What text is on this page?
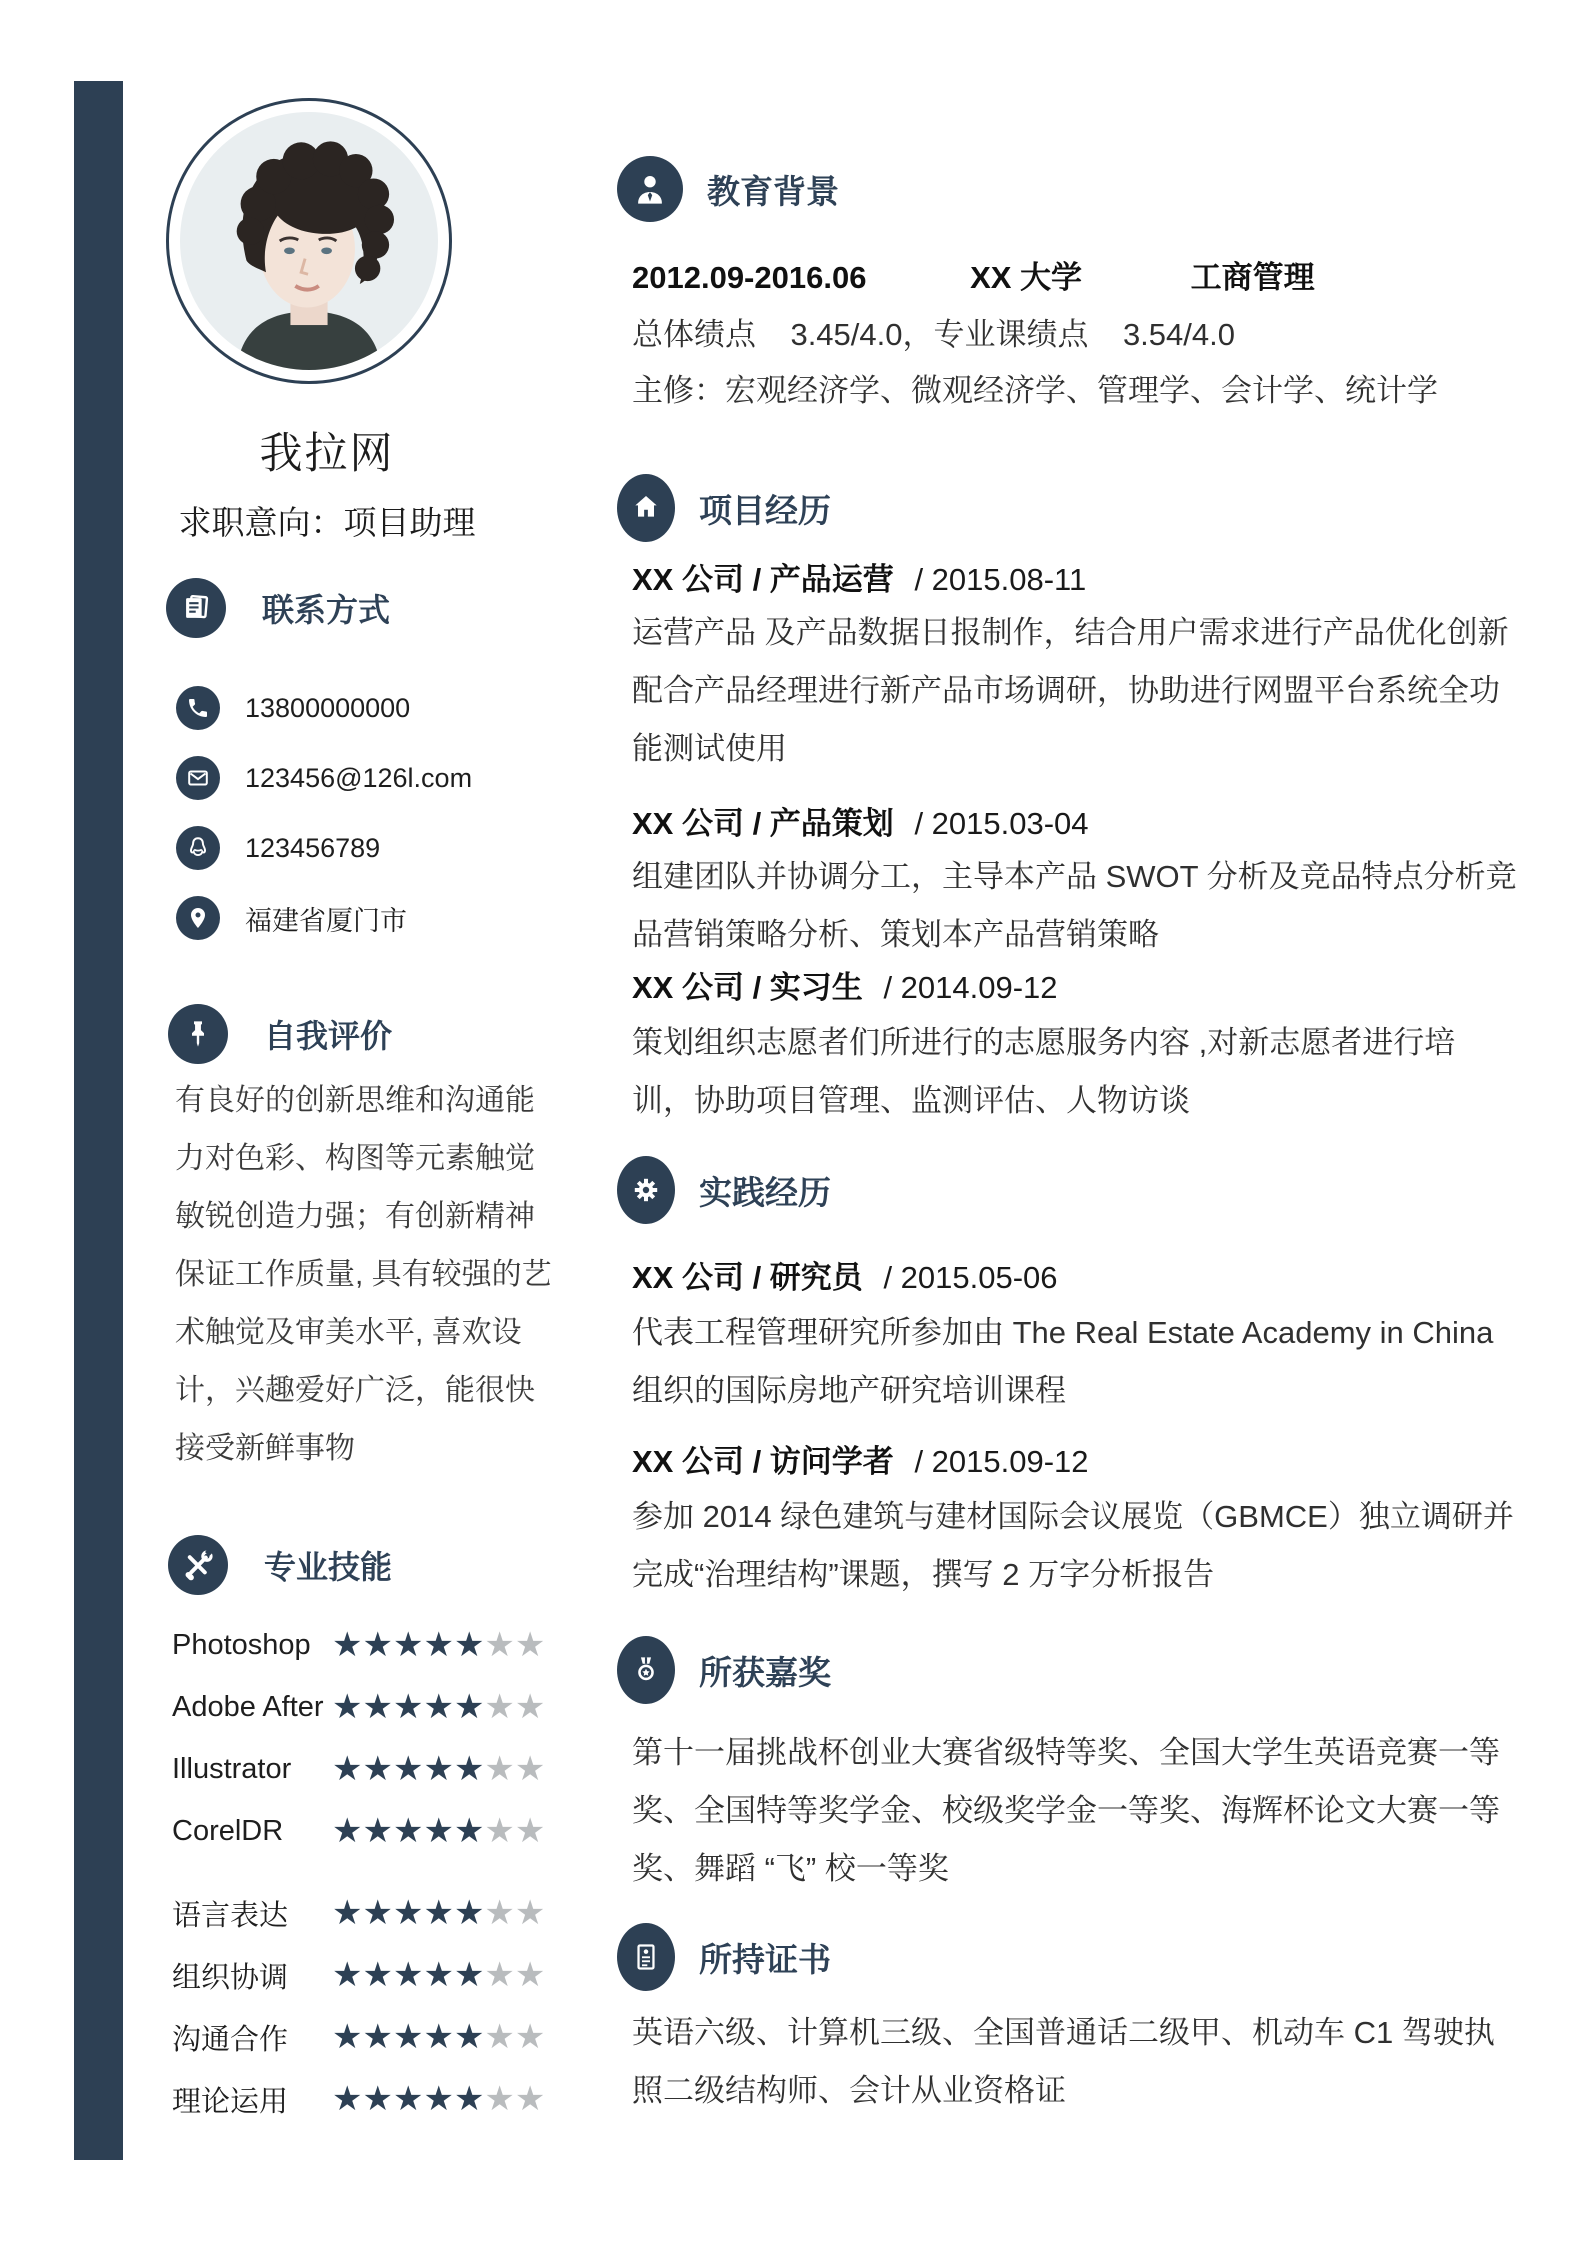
我拉网
求职意向：项目助理
联系方式
13800000000
123456@126l.com
123456789
福建省厦门市
自我评价

有良好的创新思维和沟通能力对色彩、构图等元素触觉敏锐创造力强；有创新精神保证工作质量, 具有较强的艺术触觉及审美水平, 喜欢设计，兴趣爱好广泛，能很快接受新鲜事物

专业技能
Photoshop ★★★★★★★
Adobe After ★★★★★★★
Illustrator	★★★★★★★
CorelDR	★★★★★★★
语言表达	★★★★★★★
组织协调	★★★★★★★
沟通合作	★★★★★★★
理论运用	★★★★★★★
教育背景
2012.09-2016.06	XX 大学	工商管理

总体绩点    3.45/4.0，专业课绩点    3.54/4.0

主修：宏观经济学、微观经济学、管理学、会计学、统计学

项目经历
XX 公司 / 产品运营 / 2015.08-11

运营产品 及产品数据日报制作，结合用户需求进行产品优化创新配合产品经理进行新产品市场调研，协助进行网盟平台系统全功能测试使用

XX 公司 / 产品策划 / 2015.03-04

组建团队并协调分工，主导本产品 SWOT 分析及竞品特点分析竞品营销策略分析、策划本产品营销策略

XX 公司 / 实习生 / 2014.09-12

策划组织志愿者们所进行的志愿服务内容 ,对新志愿者进行培训，协助项目管理、监测评估、人物访谈

实践经历
XX 公司 / 研究员 / 2015.05-06

代表工程管理研究所参加由 The Real Estate Academy in China  组织的国际房地产研究培训课程

XX 公司 / 访问学者 / 2015.09-12

参加 2014 绿色建筑与建材国际会议展览（GBMCE）独立调研并完成“治理结构”课题，撰写 2 万字分析报告

所获嘉奖

第十一届挑战杯创业大赛省级特等奖、全国大学生英语竞赛一等奖、全国特等奖学金、校级奖学金一等奖、海辉杯论文大赛一等奖、舞蹈 “飞” 校一等奖

所持证书

英语六级、计算机三级、全国普通话二级甲、机动车 C1 驾驶执照二级结构师、会计从业资格证
